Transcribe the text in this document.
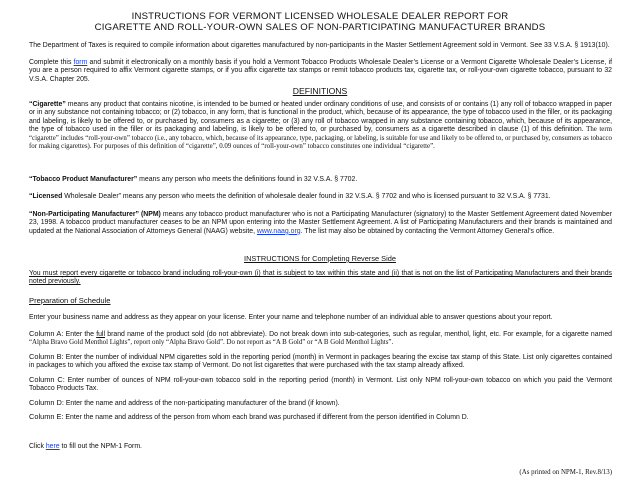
INSTRUCTIONS FOR VERMONT LICENSED WHOLESALE DEALER REPORT FOR
CIGARETTE AND ROLL-YOUR-OWN SALES OF NON-PARTICIPATING MANUFACTURER BRANDS
The Department of Taxes is required to compile information about cigarettes manufactured by non-participants in the Master Settlement Agreement sold in Vermont. See 33 V.S.A. § 1913(10).
Complete this form and submit it electronically on a monthly basis if you hold a Vermont Tobacco Products Wholesale Dealer’s License or a Vermont Cigarette Wholesale Dealer’s License, if you are a person required to affix Vermont cigarette stamps, or if you affix cigarette tax stamps or remit tobacco products tax, cigarette tax, or roll-your-own cigarette tobacco, pursuant to 32 V.S.A. Chapter 205.
DEFINITIONS
“Cigarette” means any product that contains nicotine, is intended to be burned or heated under ordinary conditions of use, and consists of or contains (1) any roll of tobacco wrapped in paper or in any substance not containing tobacco; or (2) tobacco, in any form, that is functional in the product, which, because of its appearance, the type of tobacco used in the filler, or its packaging and labeling, is likely to be offered to, or purchased by, consumers as a cigarette; or (3) any roll of tobacco wrapped in any substance containing tobacco, which, because of its appearance, the type of tobacco used in the filler or its packaging and labeling, is likely to be offered to, or purchased by, consumers as a cigarette described in clause (1) of this definition. The term “cigarette” includes “roll-your-own” tobacco (i.e., any tobacco, which, because of its appearance, type, packaging, or labeling, is suitable for use and likely to be offered to, or purchased by, consumers as tobacco for making cigarettes). For purposes of this definition of “cigarette”, 0.09 ounces of “roll-your-own” tobacco constitutes one individual “cigarette”.
“Tobacco Product Manufacturer” means any person who meets the definitions found in 32 V.S.A. § 7702.
“Licensed Wholesale Dealer” means any person who meets the definition of wholesale dealer found in 32 V.S.A. § 7702 and who is licensed pursuant to 32 V.S.A. § 7731.
“Non-Participating Manufacturer” (NPM) means any tobacco product manufacturer who is not a Participating Manufacturer (signatory) to the Master Settlement Agreement dated November 23, 1998. A tobacco product manufacturer ceases to be an NPM upon entering into the Master Settlement Agreement. A list of Participating Manufacturers and their brands is maintained and updated at the National Association of Attorneys General (NAAG) website, www.naag.org. The list may also be obtained by contacting the Vermont Attorney General’s office.
INSTRUCTIONS for Completing Reverse Side
You must report every cigarette or tobacco brand including roll-your-own (i) that is subject to tax within this state and (ii) that is not on the list of Participating Manufacturers and their brands noted previously.
Preparation of Schedule
Enter your business name and address as they appear on your license. Enter your name and telephone number of an individual able to answer questions about your report.
Column A: Enter the full brand name of the product sold (do not abbreviate). Do not break down into sub-categories, such as regular, menthol, light, etc. For example, for a cigarette named “Alpha Bravo Gold Menthol Lights”, report only “Alpha Bravo Gold”. Do not report as “A B Gold” or “A B Gold Menthol Lights”.
Column B: Enter the number of individual NPM cigarettes sold in the reporting period (month) in Vermont in packages bearing the excise tax stamp of this State. List only cigarettes contained in packages to which you affixed the excise tax stamp of Vermont. Do not list cigarettes that were purchased with the tax stamp already affixed.
Column C: Enter number of ounces of NPM roll-your-own tobacco sold in the reporting period (month) in Vermont. List only NPM roll-your-own tobacco on which you paid the Vermont Tobacco Products Tax.
Column D: Enter the name and address of the non-participating manufacturer of the brand (if known).
Column E: Enter the name and address of the person from whom each brand was purchased if different from the person identified in Column D.
Click here to fill out the NPM-1 Form.
(As printed on NPM-1, Rev.8/13)
